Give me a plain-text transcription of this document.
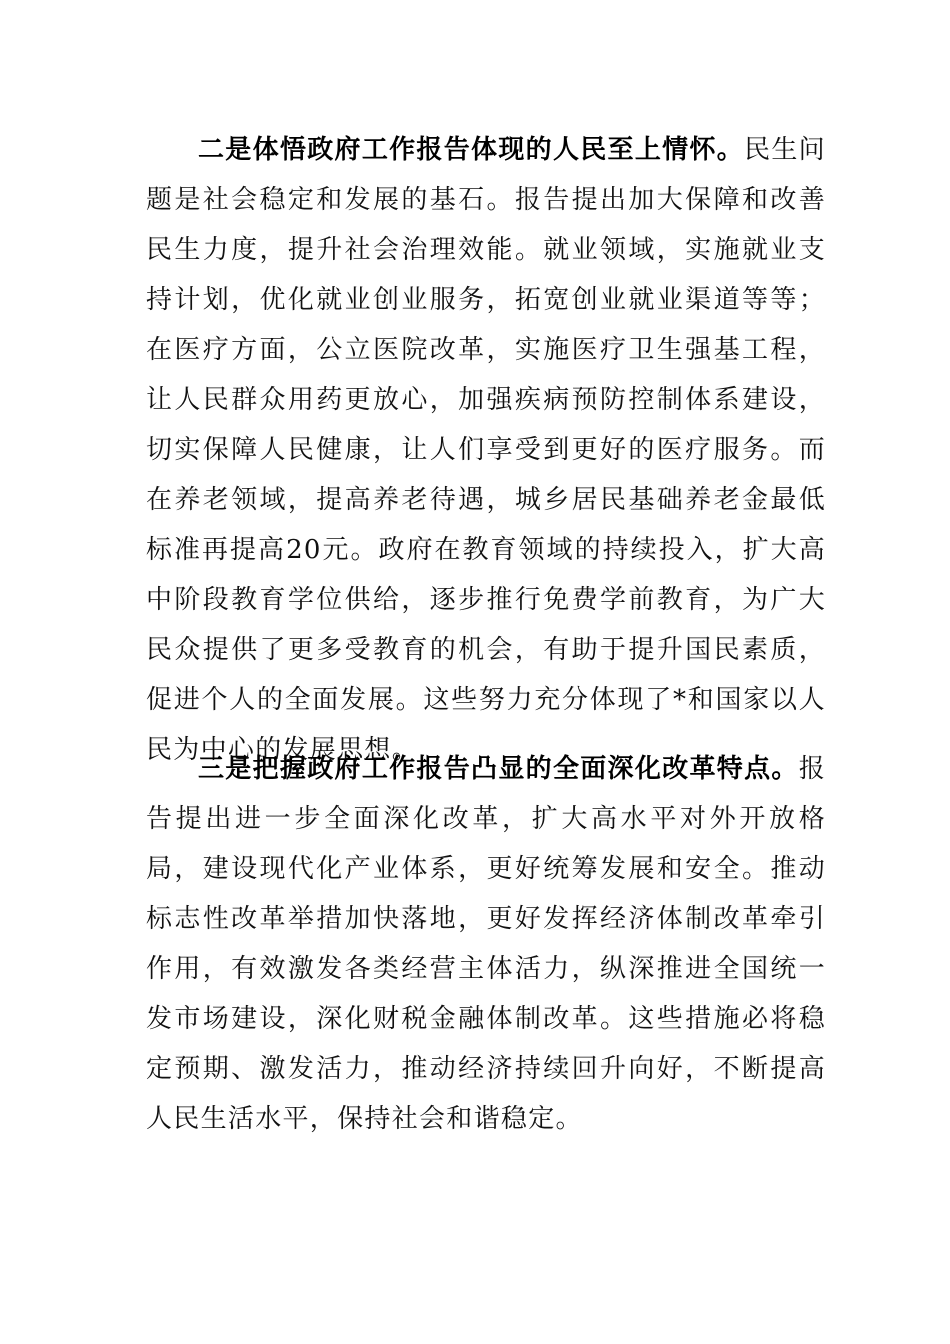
二是体悟政府工作报告体现的人民至上情怀。民生问题是社会稳定和发展的基石。报告提出加大保障和改善民生力度，提升社会治理效能。就业领域，实施就业支持计划，优化就业创业服务，拓宽创业就业渠道等等；在医疗方面，公立医院改革，实施医疗卫生强基工程，让人民群众用药更放心，加强疾病预防控制体系建设，切实保障人民健康，让人们享受到更好的医疗服务。而在养老领域，提高养老待遇，城乡居民基础养老金最低标准再提高20元。政府在教育领域的持续投入，扩大高中阶段教育学位供给，逐步推行免费学前教育，为广大民众提供了更多受教育的机会，有助于提升国民素质，促进个人的全面发展。这些努力充分体现了*和国家以人民为中心的发展思想。

三是把握政府工作报告凸显的全面深化改革特点。报告提出进一步全面深化改革，扩大高水平对外开放格局，建设现代化产业体系，更好统筹发展和安全。推动标志性改革举措加快落地，更好发挥经济体制改革牵引作用，有效激发各类经营主体活力，纵深推进全国统一发市场建设，深化财税金融体制改革。这些措施必将稳定预期、激发活力，推动经济持续回升向好，不断提高人民生活水平，保持社会和谐稳定。
